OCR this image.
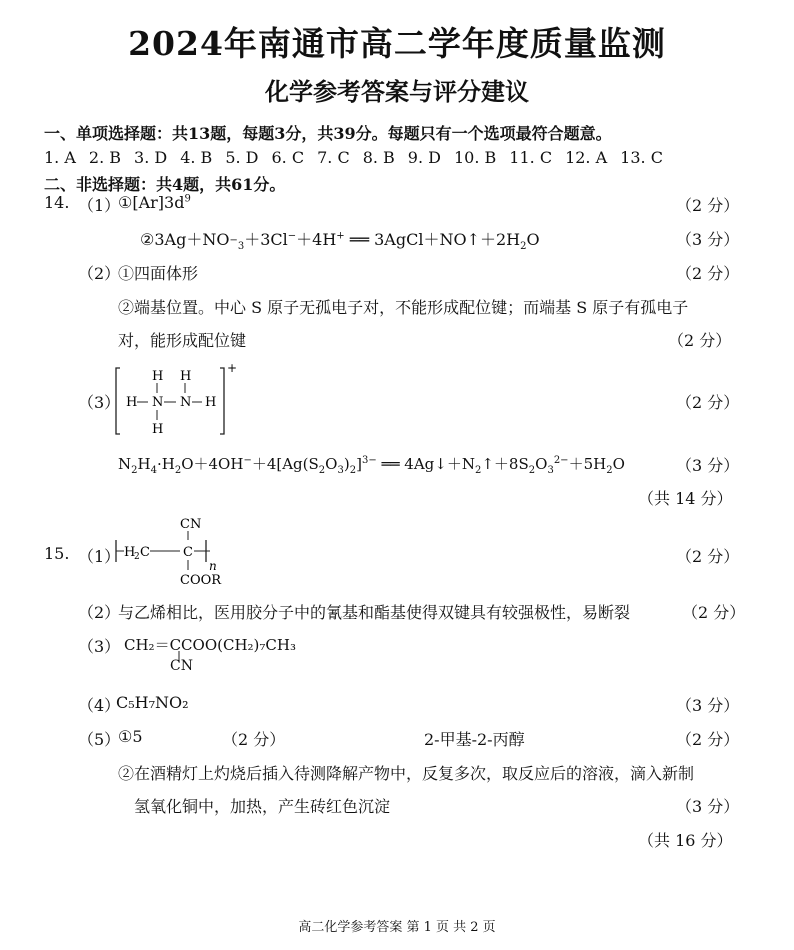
2024年南通市高二学年度质量监测
化学参考答案与评分建议
一、单项选择题：共13题，每题3分，共39分。每题只有一个选项最符合题意。
1. A 2. B 3. D 4. B 5. D 6. C 7. C 8. B 9. D 10. B 11. C 12. A 13. C
二、非选择题：共4题，共61分。
14. （1）
$①[Ar]3d^9$	（2 分）
$②3Ag+NO_{-3}+3Cl^-+4H^+$ ══ $3AgCl+NO↑+2H_2O$	（3 分）
（2）
①四面体形	（2 分）
②端基位置。中心 S 原子无孤电子对，不能形成配位键；而端基 S 原子有孤电子
对，能形成配位键	（2 分）
（3）
+
H H
H N N H
H
（2 分）
$N_2H_4\cdot H_2O+4OH^-+4[Ag(S_2O_3)_2]^{3-}$ ══ $4Ag↓+N_2↑+8S_2O_3^{2-}+5H_2O$	（3 分）
（共 14 分）
15. （1）
CN
H
2 C	C
n
COOR
（2 分）
（2）
与乙烯相比，医用胶分子中的氰基和酯基使得双键具有较强极性，易断裂	（2 分）
（3） CH₂＝CCOO(CH₂)₇CH₃
CN
（4）
C₅H₇NO₂	（3 分）
（5）
①5	（2 分）	2-甲基-2-丙醇	（2 分）
②在酒精灯上灼烧后插入待测降解产物中，反复多次，取反应后的溶液，滴入新制
氢氧化铜中，加热，产生砖红色沉淀	（3 分）
（共 16 分）
高二化学参考答案 第 1 页 共 2 页
